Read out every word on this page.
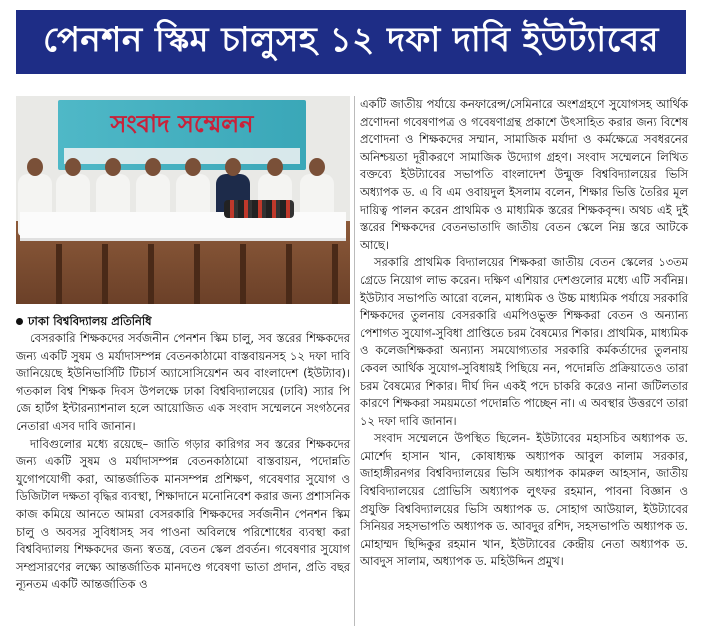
পেনশন স্কিম চালুসহ ১২ দফা দাবি ইউট্যাবের
সংবাদ সম্মেলন
ঢাকা বিশ্ববিদ্যালয় প্রতিনিধি

বেসরকারি শিক্ষকদের সর্বজনীন পেনশন স্কিম চালু, সব স্তরের শিক্ষকদের জন্য একটি সুষম ও মর্যাদাসম্পন্ন বেতনকাঠামো বাস্তবায়নসহ ১২ দফা দাবি জানিয়েছে ইউনিভার্সিটি টিচার্স অ্যাসোসিয়েশন অব বাংলাদেশ (ইউট্যাব)। গতকাল বিশ্ব শিক্ষক দিবস উপলক্ষে ঢাকা বিশ্ববিদ্যালয়ের (ঢাবি) স্যার পি জে হার্টগ ইন্টারন্যাশনাল হলে আয়োজিত এক সংবাদ সম্মেলনে সংগঠনের নেতারা এসব দাবি জানান।

দাবিগুলোর মধ্যে রয়েছে– জাতি গড়ার কারিগর সব স্তরের শিক্ষকদের জন্য একটি সুষম ও মর্যাদাসম্পন্ন বেতনকাঠামো বাস্তবায়ন, পদোন্নতি যুগোপযোগী করা, আন্তর্জাতিক মানসম্পন্ন প্রশিক্ষণ, গবেষণার সুযোগ ও ডিজিটাল দক্ষতা বৃদ্ধির ব্যবস্থা, শিক্ষাদানে মনোনিবেশ করার জন্য প্রশাসনিক কাজ কমিয়ে আনতে আমরা বেসরকারি শিক্ষকদের সর্বজনীন পেনশন স্কিম চালু ও অবসর সুবিধাসহ সব পাওনা অবিলম্বে পরিশোধের ব্যবস্থা করা বিশ্ববিদ্যালয় শিক্ষকদের জন্য স্বতন্ত্র, বেতন স্কেল প্রবর্তন। গবেষণার সুযোগ সম্প্রসারণের লক্ষ্যে আন্তর্জাতিক মানদণ্ডে গবেষণা ভাতা প্রদান, প্রতি বছর ন্যূনতম একটি আন্তর্জাতিক ও

একটি জাতীয় পর্যায়ে কনফারেন্স/সেমিনারে অংশগ্রহণে সুযোগসহ আর্থিক প্রণোদনা গবেষণাপত্র ও গবেষণাগ্রন্থ প্রকাশে উৎসাহিত করার জন্য বিশেষ প্রণোদনা ও শিক্ষকদের সম্মান, সামাজিক মর্যাদা ও কর্মক্ষেত্রে সবধরনের অনিশ্চয়তা দূরীকরণে সামাজিক উদ্যোগ গ্রহণ। সংবাদ সম্মেলনে লিখিত বক্তব্যে ইউট্যাবের সভাপতি বাংলাদেশ উন্মুক্ত বিশ্ববিদ্যালয়ের ভিসি অধ্যাপক ড. এ বি এম ওবায়দুল ইসলাম বলেন, শিক্ষার ভিত্তি তৈরির মূল দায়িত্ব পালন করেন প্রাথমিক ও মাধ্যমিক স্তরের শিক্ষকবৃন্দ। অথচ এই দুই স্তরের শিক্ষকদের বেতনভাতাদি জাতীয় বেতন স্কেলে নিম্ন স্তরে আটকে আছে।

সরকারি প্রাথমিক বিদ্যালয়ের শিক্ষকরা জাতীয় বেতন স্কেলের ১৩তম গ্রেডে নিয়োগ লাভ করেন। দক্ষিণ এশিয়ার দেশগুলোর মধ্যে এটি সর্বনিম্ন। ইউট্যাব সভাপতি আরো বলেন, মাধ্যমিক ও উচ্চ মাধ্যমিক পর্যায়ে সরকারি শিক্ষকদের তুলনায় বেসরকারি এমপিওভুক্ত শিক্ষকরা বেতন ও অন্যান্য পেশাগত সুযোগ-সুবিধা প্রাপ্তিতে চরম বৈষম্যের শিকার। প্রাথমিক, মাধ্যমিক ও কলেজশিক্ষকরা অন্যান্য সমযোগ্যতার সরকারি কর্মকর্তাদের তুলনায় কেবল আর্থিক সুযোগ-সুবিধায়ই পিছিয়ে নন, পদোন্নতি প্রক্রিয়াতেও তারা চরম বৈষম্যের শিকার। দীর্ঘ দিন একই পদে চাকরি করেও নানা জটিলতার কারণে শিক্ষকরা সময়মতো পদোন্নতি পাচ্ছেন না। এ অবস্থার উত্তরণে তারা ১২ দফা দাবি জানান।

সংবাদ সম্মেলনে উপস্থিত ছিলেন- ইউট্যাবের মহাসচিব অধ্যাপক ড. মোর্শেদ হাসান খান, কোষাধ্যক্ষ অধ্যাপক আবুল কালাম সরকার, জাহাঙ্গীরনগর বিশ্ববিদ্যালয়ের ভিসি অধ্যাপক কামরুল আহসান, জাতীয় বিশ্ববিদ্যালয়ের প্রোভিসি অধ্যাপক লুৎফর রহমান, পাবনা বিজ্ঞান ও প্রযুক্তি বিশ্ববিদ্যালয়ের ভিসি অধ্যাপক ড. সোহাগ আউয়াল, ইউট্যাবের সিনিয়র সহসভাপতি অধ্যাপক ড. আবদুর রশিদ, সহসভাপতি অধ্যাপক ড. মোহাম্মদ ছিদ্দিকুর রহমান খান, ইউট্যাবের কেন্দ্রীয় নেতা অধ্যাপক ড. আবদুস সালাম, অধ্যাপক ড. মহিউদ্দিন প্রমুখ।
